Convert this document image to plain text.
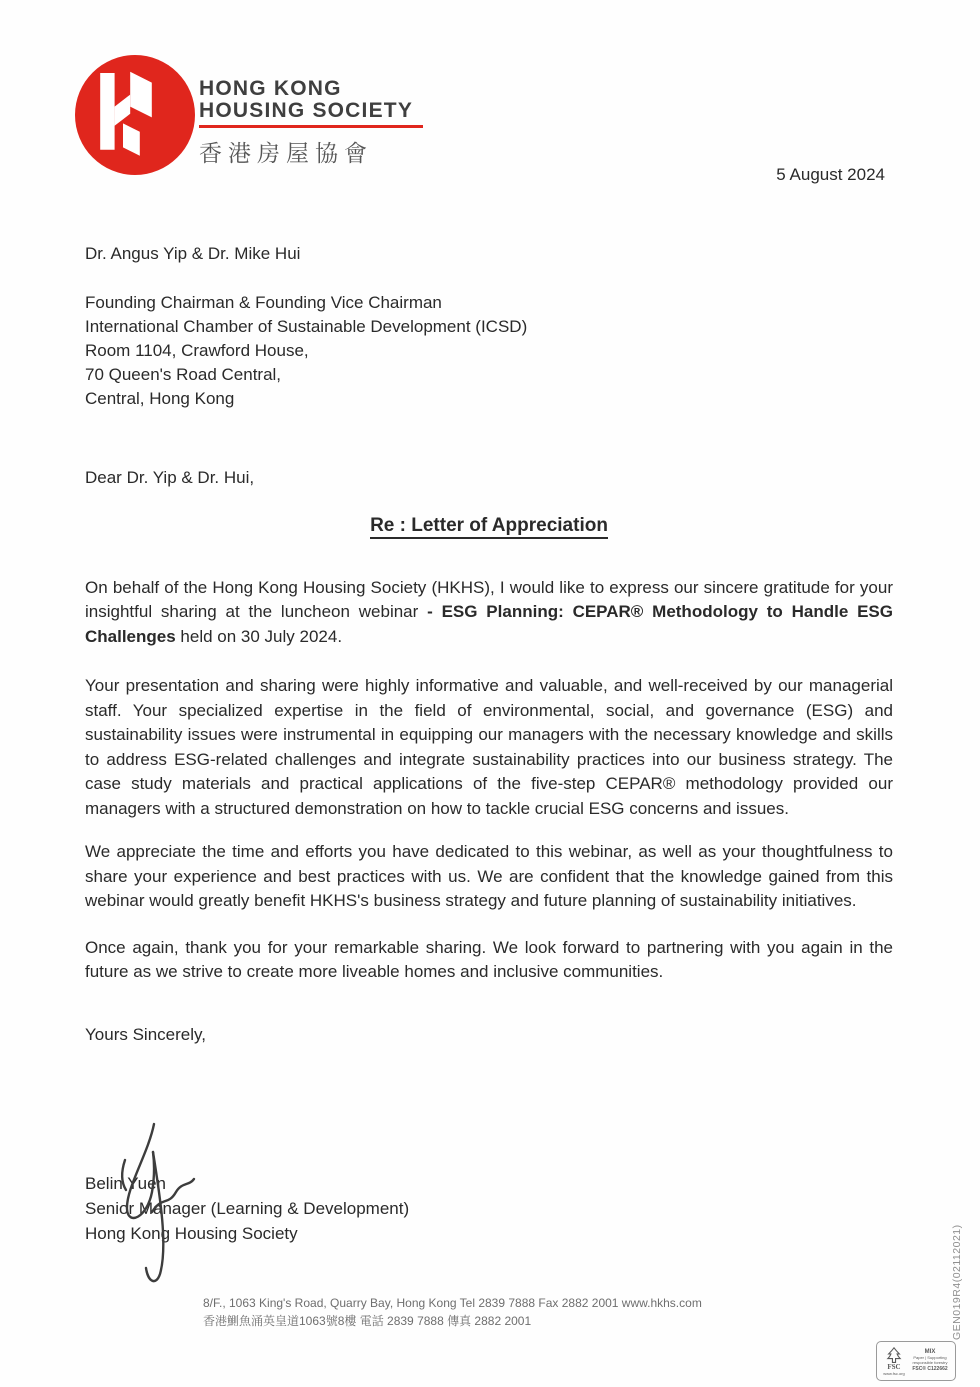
HONG KONG
HOUSING SOCIETY
香港房屋協會
5 August 2024
Dr. Angus Yip & Dr. Mike Hui
Founding Chairman & Founding Vice Chairman
International Chamber of Sustainable Development (ICSD)
Room 1104, Crawford House,
70 Queen's Road Central,
Central, Hong Kong
Dear Dr. Yip & Dr. Hui,
Re : Letter of Appreciation

On behalf of the Hong Kong Housing Society (HKHS), I would like to express our sincere gratitude for your insightful sharing at the luncheon webinar - ESG Planning: CEPAR® Methodology to Handle ESG Challenges held on 30 July 2024.

Your presentation and sharing were highly informative and valuable, and well-received by our managerial staff. Your specialized expertise in the field of environmental, social, and governance (ESG) and sustainability issues were instrumental in equipping our managers with the necessary knowledge and skills to address ESG-related challenges and integrate sustainability practices into our business strategy. The case study materials and practical applications of the five-step CEPAR® methodology provided our managers with a structured demonstration on how to tackle crucial ESG concerns and issues.

We appreciate the time and efforts you have dedicated to this webinar, as well as your thoughtfulness to share your experience and best practices with us. We are confident that the knowledge gained from this webinar would greatly benefit HKHS's business strategy and future planning of sustainability initiatives.

Once again, thank you for your remarkable sharing. We look forward to partnering with you again in the future as we strive to create more liveable homes and inclusive communities.

Yours Sincerely,
Belin Yuen
Senior Manager (Learning & Development)
Hong Kong Housing Society
8/F., 1063 King's Road, Quarry Bay, Hong Kong Tel 2839 7888 Fax 2882 2001 www.hkhs.com
香港鰂魚涌英皇道1063號8樓 電話 2839 7888 傳真 2882 2001	GEN019R4(02112021)
FSC
www.fsc.org
MIX
Paper | Supporting responsible forestry
FSC® C122662
